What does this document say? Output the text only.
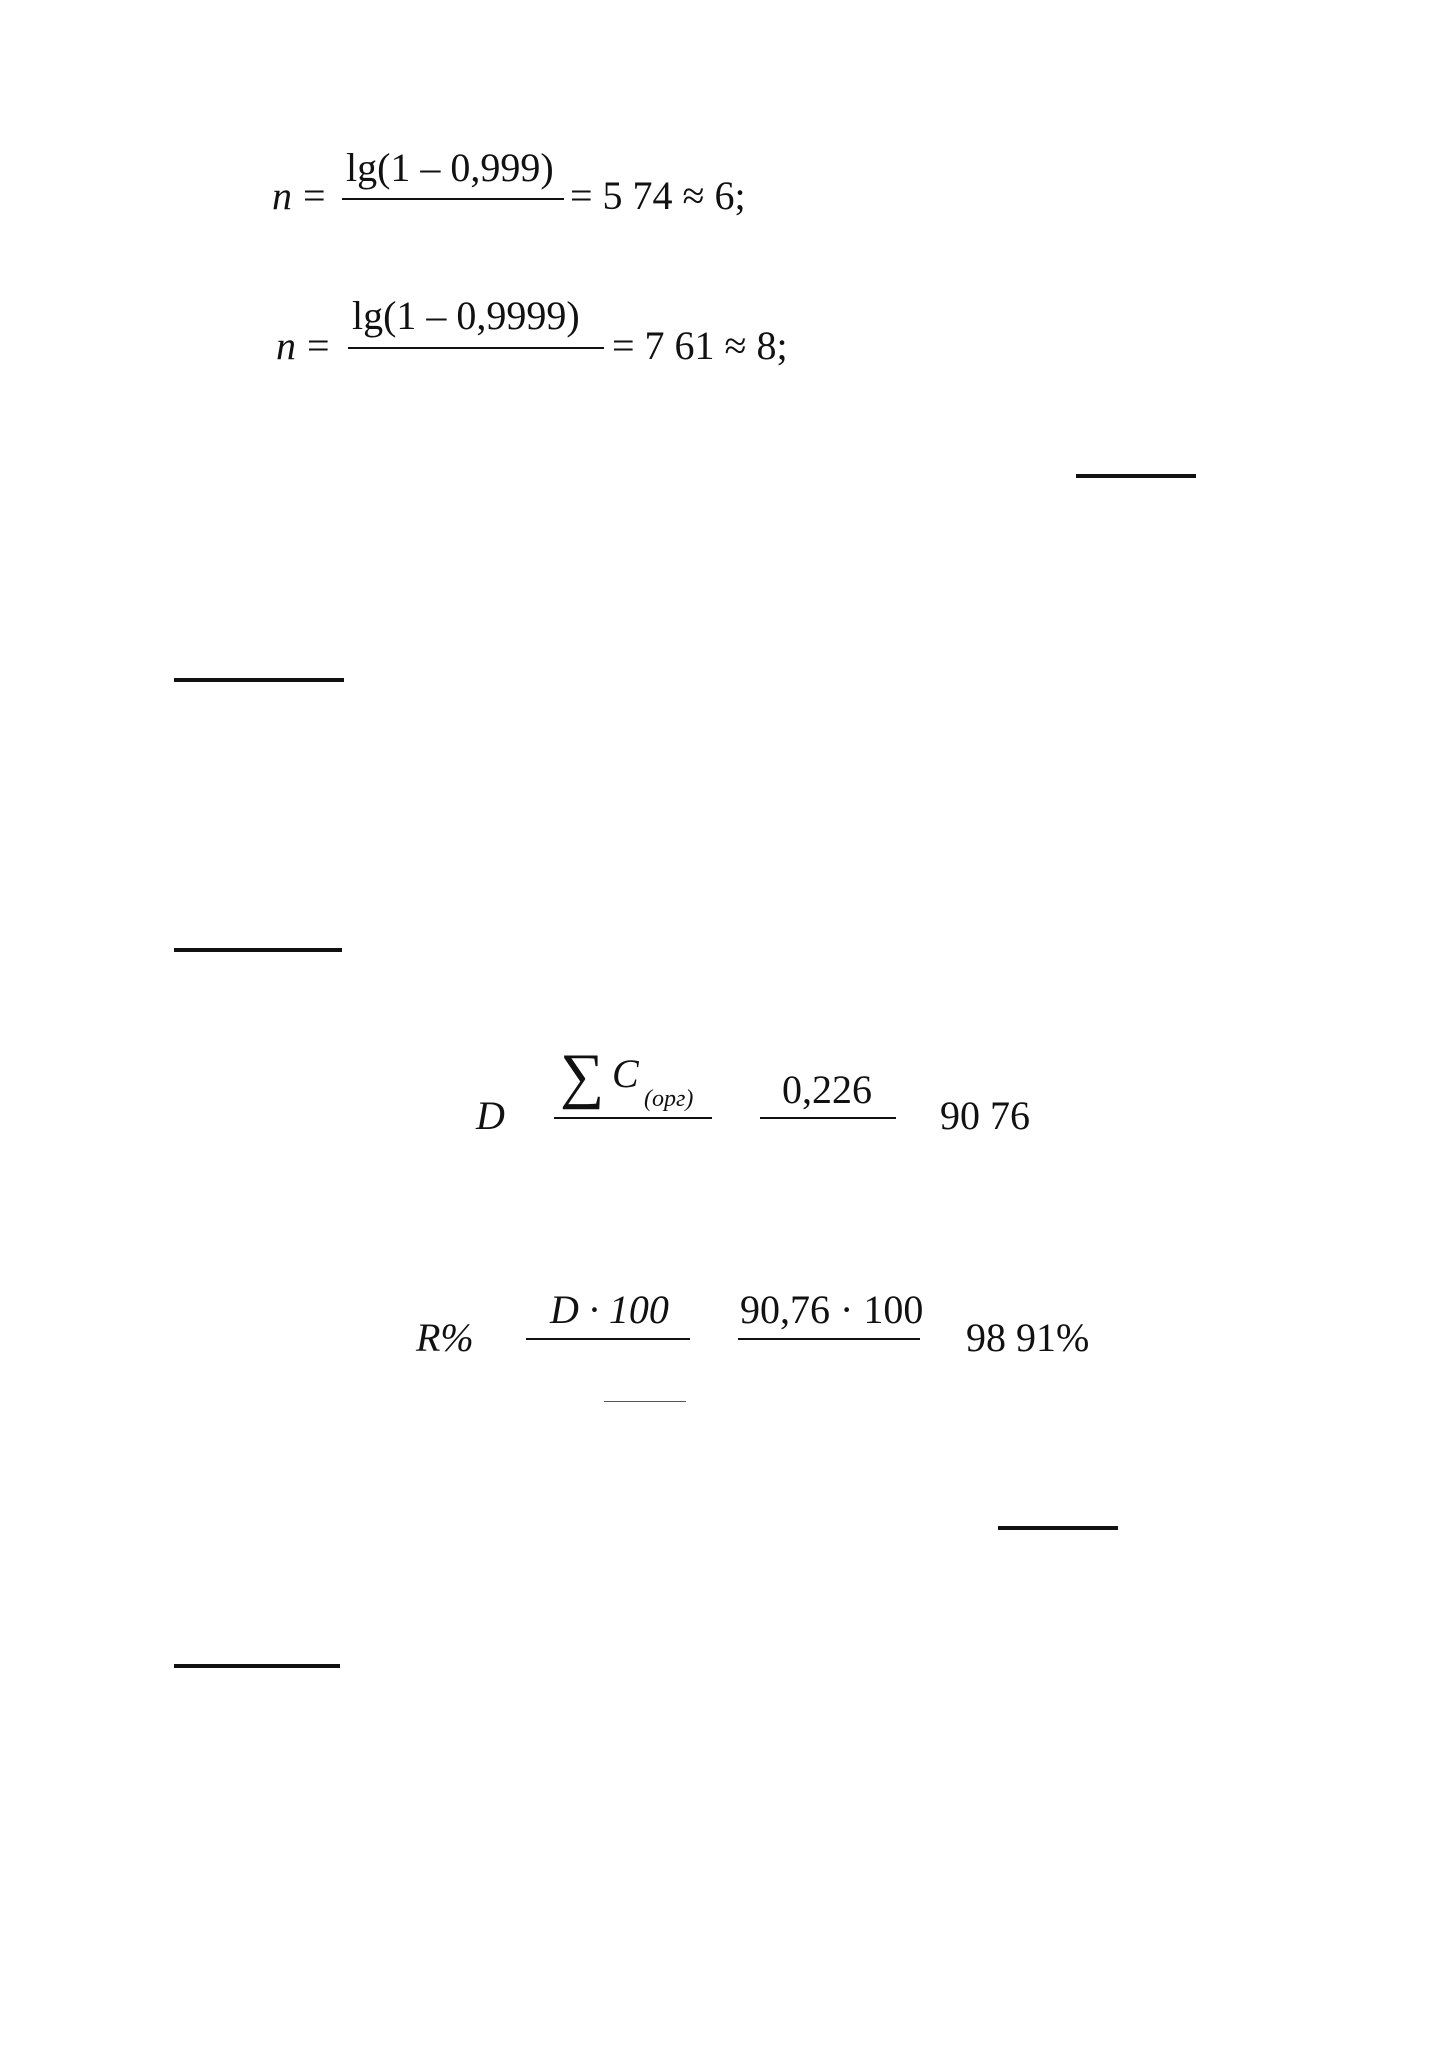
n =
lg(1 – 0,999)
= 5 74 ≈ 6;
n =
lg(1 – 0,9999)
= 7 61 ≈ 8;
D
∑ C
(орг) 0,226
90 76
R%
D · 100 90,76 · 100
98 91%
